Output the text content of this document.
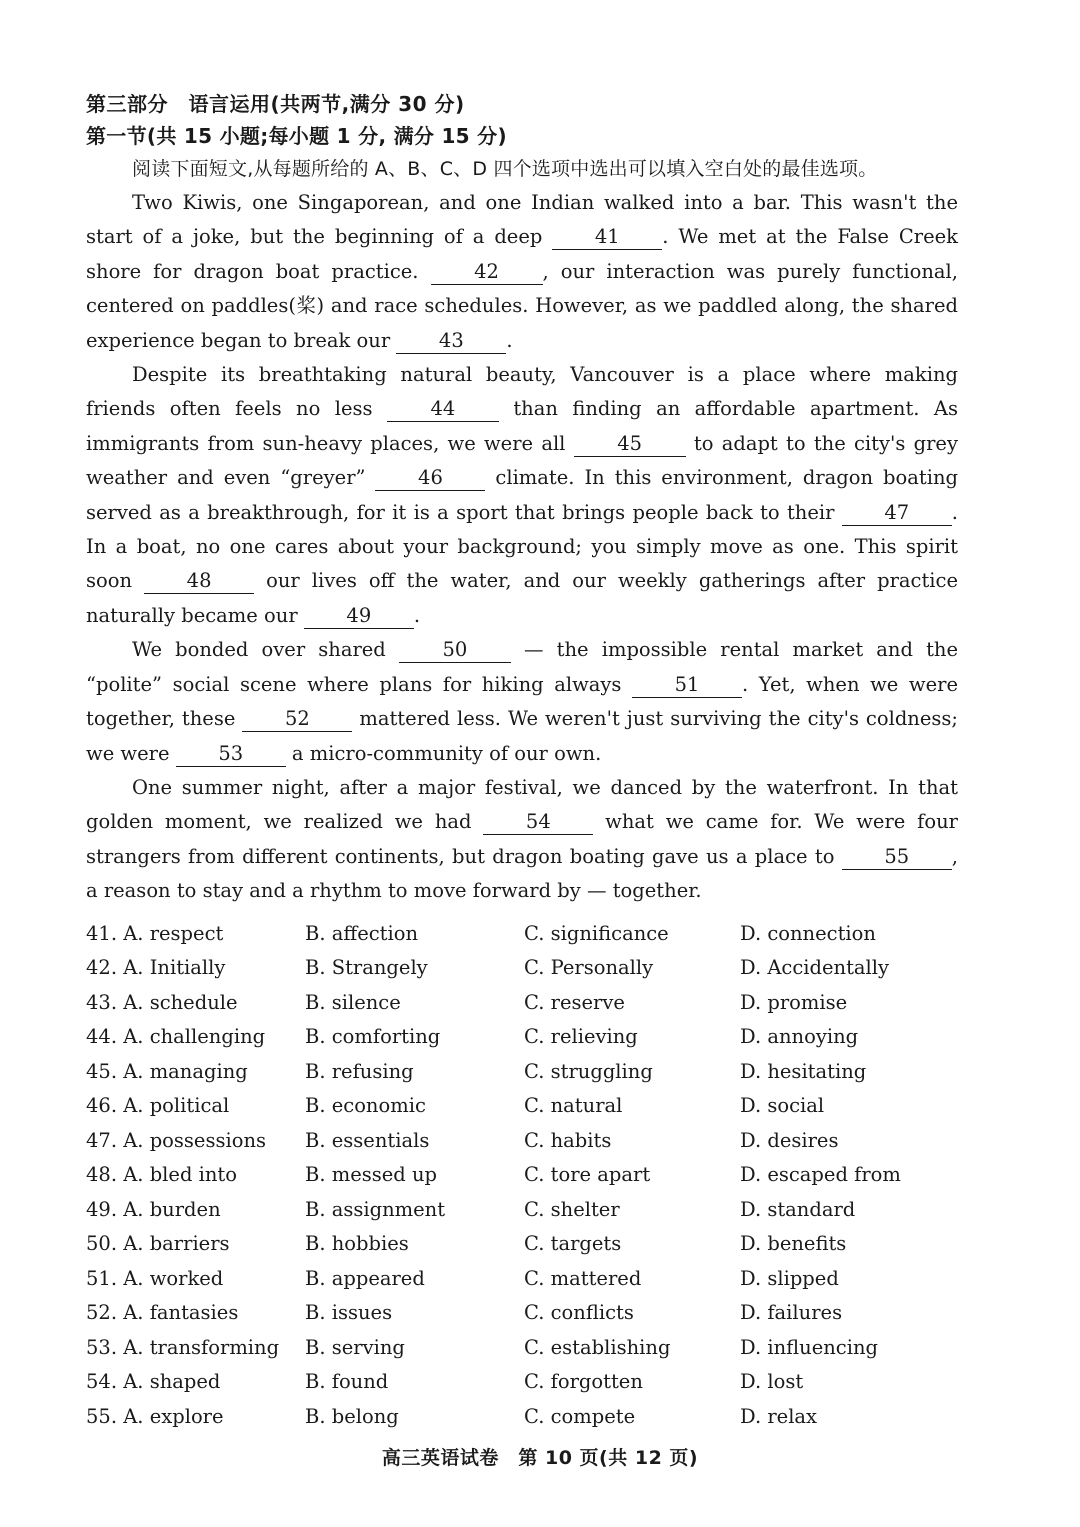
第三部分　语言运用(共两节,满分 30 分)
第一节(共 15 小题;每小题 1 分, 满分 15 分)
阅读下面短文,从每题所给的 A、B、C、D 四个选项中选出可以填入空白处的最佳选项。

Two Kiwis, one Singaporean, and one Indian walked into a bar. This wasn't the start of a joke, but the beginning of a deep 41 . We met at the False Creek shore for dragon boat practice. 42 , our interaction was purely functional, centered on paddles(桨) and race schedules. However, as we paddled along, the shared experience began to break our 43 .

Despite its breathtaking natural beauty, Vancouver is a place where making friends often feels no less 44 than finding an affordable apartment. As immigrants from sun-heavy places, we were all 45 to adapt to the city's grey weather and even “greyer” 46 climate. In this environment, dragon boating served as a breakthrough, for it is a sport that brings people back to their 47 . In a boat, no one cares about your background; you simply move as one. This spirit soon 48 our lives off the water, and our weekly gatherings after practice naturally became our 49 .

We bonded over shared 50 — the impossible rental market and the “polite” social scene where plans for hiking always 51 . Yet, when we were together, these 52 mattered less. We weren't just surviving the city's coldness; we were 53 a micro-community of our own.

One summer night, after a major festival, we danced by the waterfront. In that golden moment, we realized we had 54 what we came for. We were four strangers from different continents, but dragon boating gave us a place to 55 , a reason to stay and a rhythm to move forward by — together.

41. A. respect	B. affection	C. significance	D. connection
42. A. Initially	B. Strangely	C. Personally	D. Accidentally
43. A. schedule	B. silence	C. reserve	D. promise
44. A. challenging	B. comforting	C. relieving	D. annoying
45. A. managing	B. refusing	C. struggling	D. hesitating
46. A. political	B. economic	C. natural	D. social
47. A. possessions	B. essentials	C. habits	D. desires
48. A. bled into	B. messed up	C. tore apart	D. escaped from
49. A. burden	B. assignment	C. shelter	D. standard
50. A. barriers	B. hobbies	C. targets	D. benefits
51. A. worked	B. appeared	C. mattered	D. slipped
52. A. fantasies	B. issues	C. conflicts	D. failures
53. A. transforming	B. serving	C. establishing	D. influencing
54. A. shaped	B. found	C. forgotten	D. lost
55. A. explore	B. belong	C. compete	D. relax
高三英语试卷　第 10 页(共 12 页)
